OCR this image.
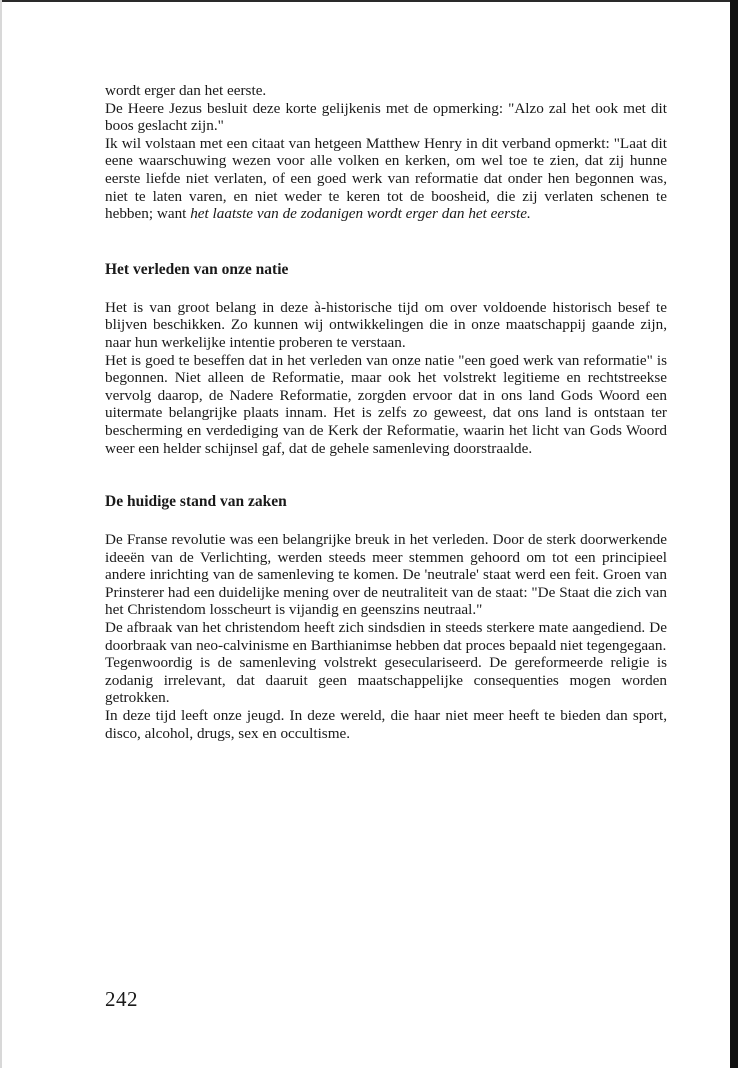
wordt erger dan het eerste.

De Heere Jezus besluit deze korte gelijkenis met de opmerking: "Alzo zal het ook met dit boos geslacht zijn."

Ik wil volstaan met een citaat van hetgeen Matthew Henry in dit verband opmerkt: "Laat dit eene waarschuwing wezen voor alle volken en kerken, om wel toe te zien, dat zij hunne eerste liefde niet verlaten, of een goed werk van reformatie dat onder hen begonnen was, niet te laten varen, en niet weder te keren tot de boosheid, die zij verlaten schenen te hebben; want het laatste van de zodanigen wordt erger dan het eerste.

Het verleden van onze natie

Het is van groot belang in deze à-historische tijd om over voldoende historisch besef te blijven beschikken. Zo kunnen wij ontwikkelingen die in onze maatschappij gaande zijn, naar hun werkelijke intentie proberen te verstaan.

Het is goed te beseffen dat in het verleden van onze natie "een goed werk van reformatie" is begonnen. Niet alleen de Reformatie, maar ook het volstrekt legitieme en rechtstreekse vervolg daarop, de Nadere Reformatie, zorgden ervoor dat in ons land Gods Woord een uitermate belangrijke plaats innam. Het is zelfs zo geweest, dat ons land is ontstaan ter bescherming en verdediging van de Kerk der Reformatie, waarin het licht van Gods Woord weer een helder schijnsel gaf, dat de gehele samenleving doorstraalde.

De huidige stand van zaken

De Franse revolutie was een belangrijke breuk in het verleden. Door de sterk doorwerkende ideeën van de Verlichting, werden steeds meer stemmen gehoord om tot een principieel andere inrichting van de samenleving te komen. De 'neutrale' staat werd een feit. Groen van Prinsterer had een duidelijke mening over de neutraliteit van de staat: "De Staat die zich van het Christendom losscheurt is vijandig en geenszins neutraal."

De afbraak van het christendom heeft zich sindsdien in steeds sterkere mate aangediend. De doorbraak van neo-calvinisme en Barthianimse hebben dat proces bepaald niet tegengegaan.

Tegenwoordig is de samenleving volstrekt geseculariseerd. De gereformeerde religie is zodanig irrelevant, dat daaruit geen maatschappelijke consequenties mogen worden getrokken.

In deze tijd leeft onze jeugd. In deze wereld, die haar niet meer heeft te bieden dan sport, disco, alcohol, drugs, sex en occultisme.

242
